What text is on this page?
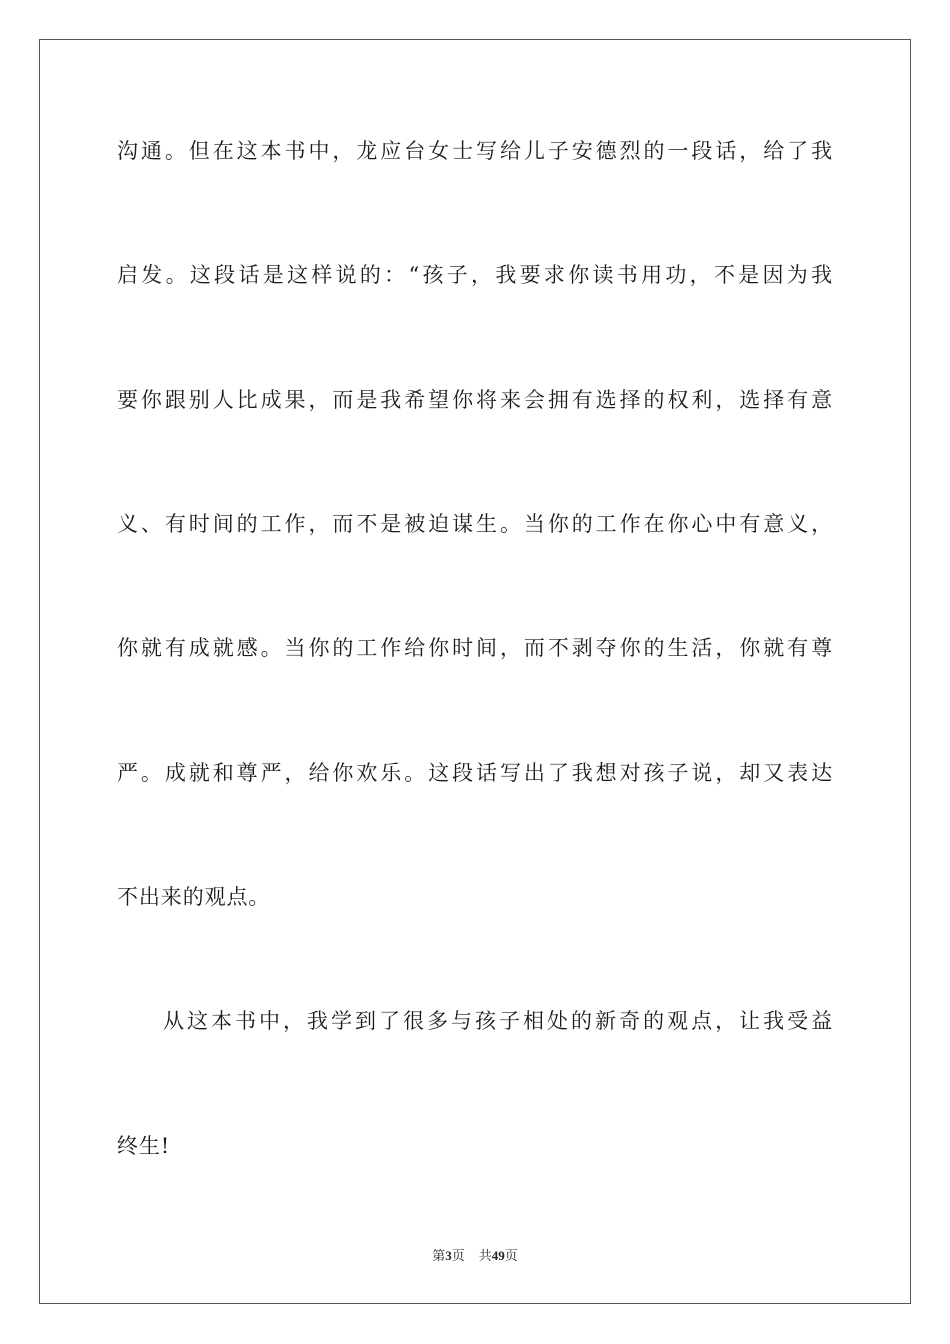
沟通。但在这本书中，龙应台女士写给儿子安德烈的一段话，给了我
启发。这段话是这样说的：“孩子，我要求你读书用功，不是因为我
要你跟别人比成果，而是我希望你将来会拥有选择的权利，选择有意
义、有时间的工作，而不是被迫谋生。当你的工作在你心中有意义，
你就有成就感。当你的工作给你时间，而不剥夺你的生活，你就有尊
严。成就和尊严，给你欢乐。这段话写出了我想对孩子说，却又表达
不出来的观点。
从这本书中，我学到了很多与孩子相处的新奇的观点，让我受益
终生!
第3页 共49页
